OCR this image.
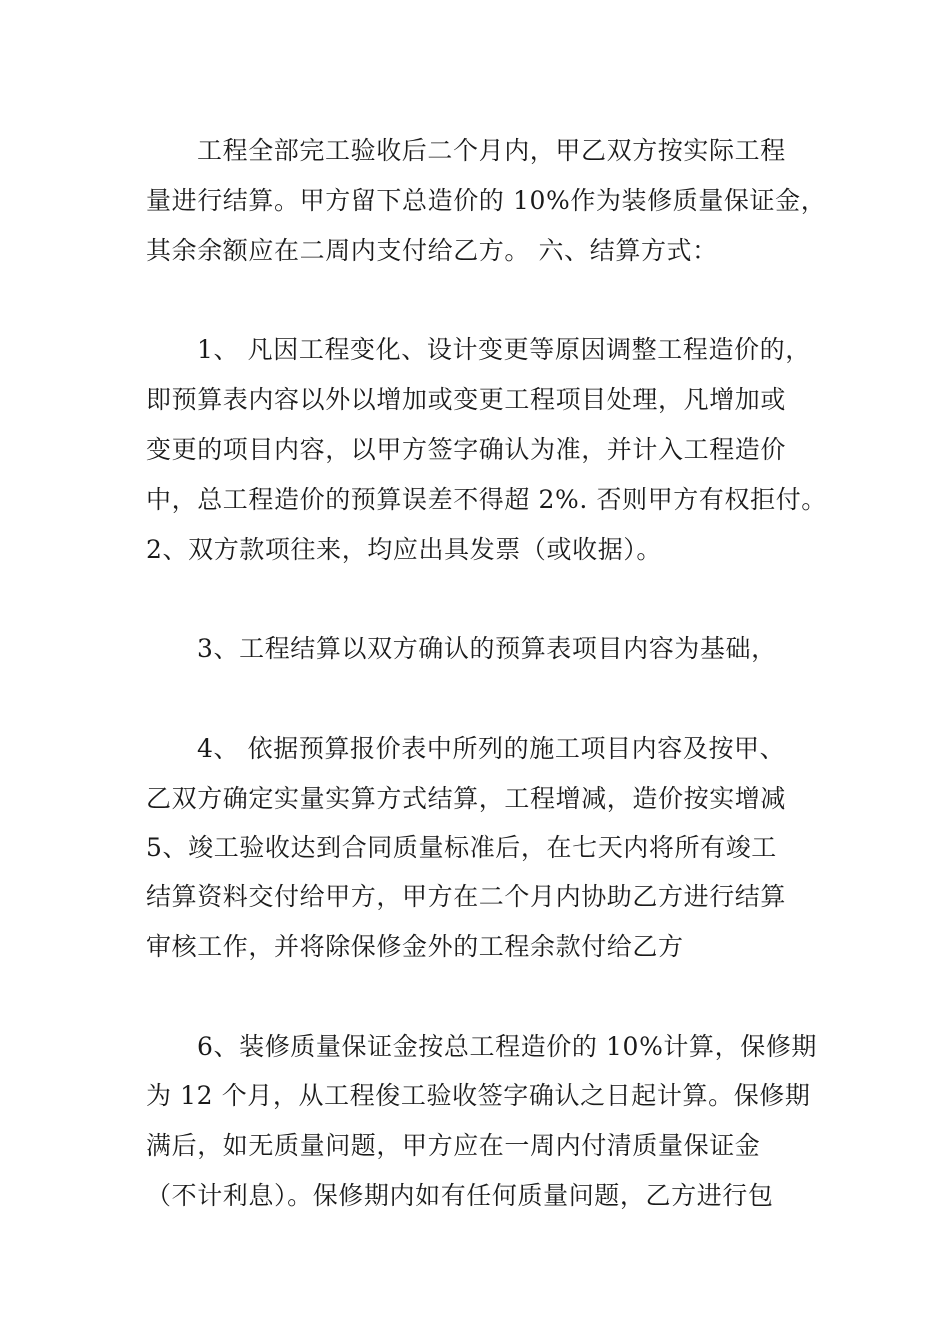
工程全部完工验收后二个月内，甲乙双方按实际工程
量进行结算。甲方留下总造价的 10%作为装修质量保证金，
其余余额应在二周内支付给乙方。 六、结算方式：
1、 凡因工程变化、设计变更等原因调整工程造价的，
即预算表内容以外以增加或变更工程项目处理，凡增加或
变更的项目内容，以甲方签字确认为准，并计入工程造价
中，总工程造价的预算误差不得超 2%. 否则甲方有权拒付。
2、双方款项往来，均应出具发票（或收据）。
3、工程结算以双方确认的预算表项目内容为基础，
4、 依据预算报价表中所列的施工项目内容及按甲、
乙双方确定实量实算方式结算，工程增减，造价按实增减
5、竣工验收达到合同质量标准后，在七天内将所有竣工
结算资料交付给甲方，甲方在二个月内协助乙方进行结算
审核工作，并将除保修金外的工程余款付给乙方
6、装修质量保证金按总工程造价的 10%计算，保修期
为 12 个月，从工程俊工验收签字确认之日起计算。保修期
满后，如无质量问题，甲方应在一周内付清质量保证金
（不计利息）。保修期内如有任何质量问题，乙方进行包
